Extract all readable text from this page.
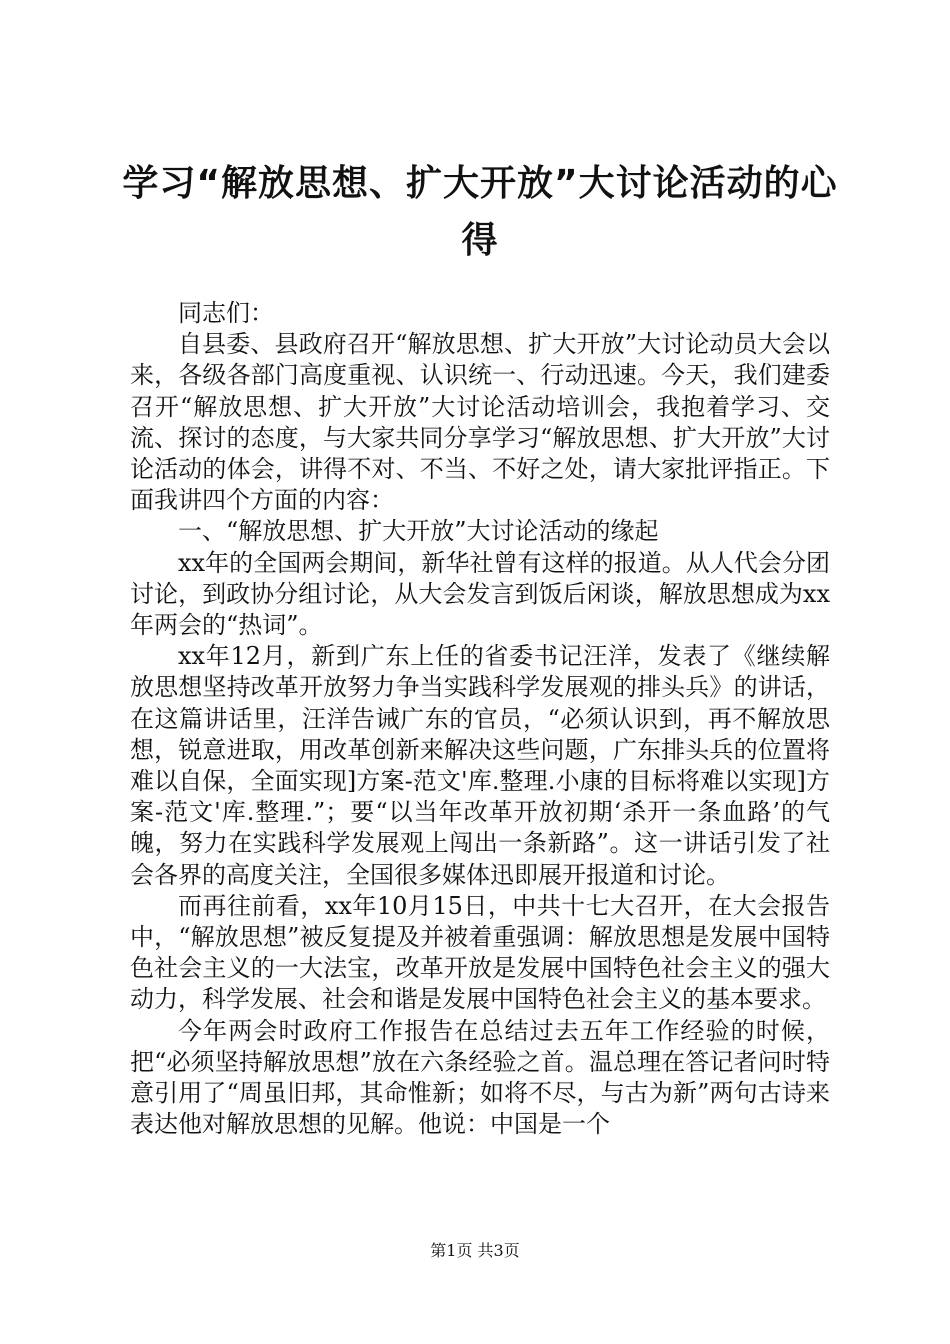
学习“解放思想、扩大开放”大讨论活动的心
得

同志们：

自县委、县政府召开“解放思想、扩大开放”大讨论动员大会以来，各级各部门高度重视、认识统一、行动迅速。今天，我们建委召开“解放思想、扩大开放”大讨论活动培训会，我抱着学习、交流、探讨的态度，与大家共同分享学习“解放思想、扩大开放”大讨论活动的体会，讲得不对、不当、不好之处，请大家批评指正。下面我讲四个方面的内容：

一、“解放思想、扩大开放”大讨论活动的缘起

xx年的全国两会期间，新华社曾有这样的报道。从人代会分团讨论，到政协分组讨论，从大会发言到饭后闲谈，解放思想成为xx年两会的“热词”。

xx年12月，新到广东上任的省委书记汪洋，发表了《继续解放思想坚持改革开放努力争当实践科学发展观的排头兵》的讲话，在这篇讲话里，汪洋告诫广东的官员，“必须认识到，再不解放思想，锐意进取，用改革创新来解决这些问题，广东排头兵的位置将难以自保，全面实现]方案-范文'库.整理.小康的目标将难以实现]方案-范文'库.整理.”；要“以当年改革开放初期‘杀开一条血路’的气魄，努力在实践科学发展观上闯出一条新路”。这一讲话引发了社会各界的高度关注，全国很多媒体迅即展开报道和讨论。

而再往前看，xx年10月15日，中共十七大召开，在大会报告中，“解放思想”被反复提及并被着重强调：解放思想是发展中国特色社会主义的一大法宝，改革开放是发展中国特色社会主义的强大动力，科学发展、社会和谐是发展中国特色社会主义的基本要求。

今年两会时政府工作报告在总结过去五年工作经验的时候，把“必须坚持解放思想”放在六条经验之首。温总理在答记者问时特意引用了“周虽旧邦，其命惟新；如将不尽，与古为新”两句古诗来表达他对解放思想的见解。他说：中国是一个

第1页 共3页
